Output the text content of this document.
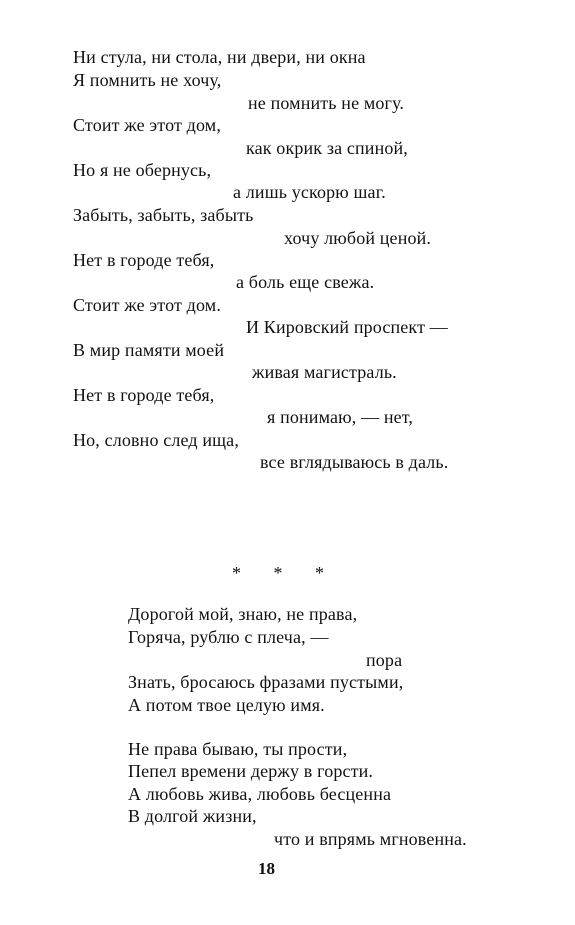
Ни стула, ни стола, ни двери, ни окна
Я помнить не хочу,
не помнить не могу.
Стоит же этот дом,
как окрик за спиной,
Но я не обернусь,
а лишь ускорю шаг.
Забыть, забыть, забыть
хочу любой ценой.
Нет в городе тебя,
а боль еще свежа.
Стоит же этот дом.
И Кировский проспект —
В мир памяти моей
живая магистраль.
Нет в городе тебя,
я понимаю, — нет,
Но, словно след ища,
все вглядываюсь в даль.
* * *
Дорогой мой, знаю, не права,
Горяча, рублю с плеча, —
пора
Знать, бросаюсь фразами пустыми,
А потом твое целую имя.
Не права бываю, ты прости,
Пепел времени держу в горсти.
А любовь жива, любовь бесценна
В долгой жизни,
что и впрямь мгновенна.
18
